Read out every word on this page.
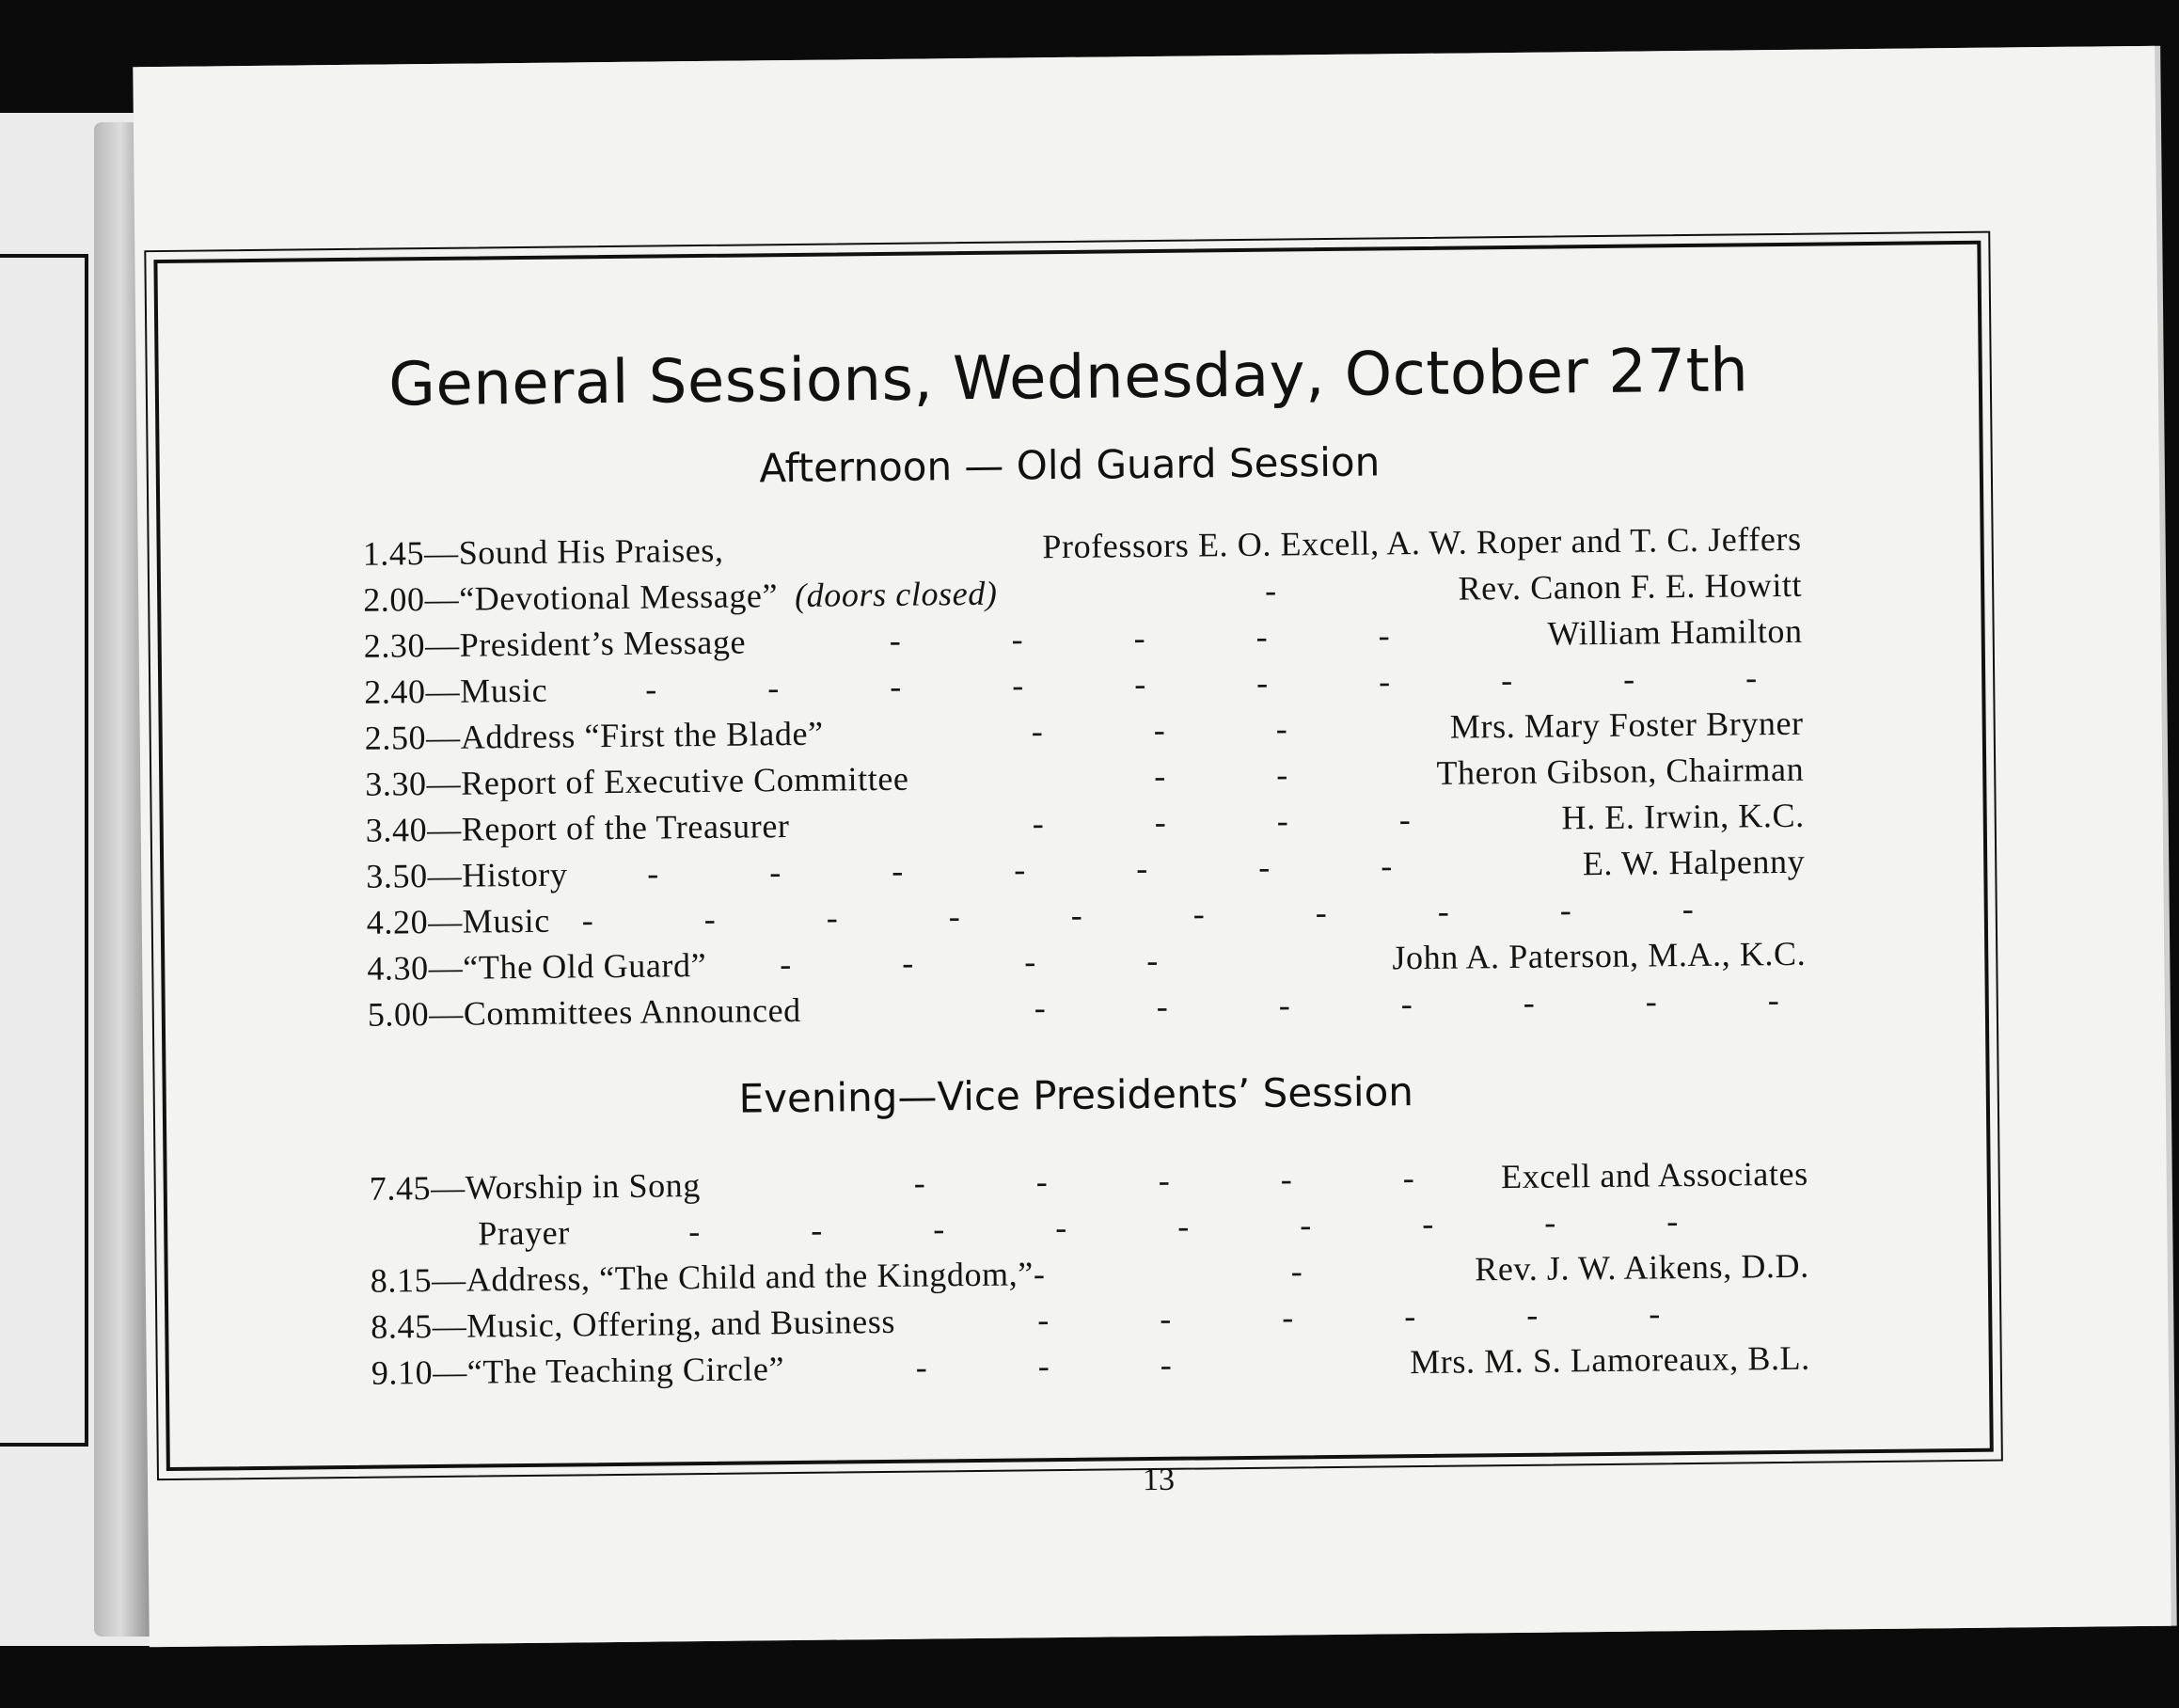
General Sessions, Wednesday, October 27th
Afternoon — Old Guard Session
1.45—Sound His Praises,	Professors E. O. Excell, A. W. Roper and T. C. Jeffers
2.00—“Devotional Message” (doors closed)	-	Rev. Canon F. E. Howitt
2.30—President’s Message	-	-	-	-	-	William Hamilton
2.40—Music	-	-	-	-	-	-	-	-	-	-
2.50—Address “First the Blade”	-	-	-	Mrs. Mary Foster Bryner
3.30—Report of Executive Committee	-	-	Theron Gibson, Chairman
3.40—Report of the Treasurer	-	-	-	-	H. E. Irwin, K.C.
3.50—History	-	-	-	-	-	-	-	E. W. Halpenny
4.20—Music -	-	-	-	-	-	-	-	-	-
4.30—“The Old Guard”	-	-	-	-	John A. Paterson, M.A., K.C.
5.00—Committees Announced	-	-	-	-	-	-	-
Evening—Vice Presidents’ Session
7.45—Worship in Song	-	-	-	-	-	Excell and Associates
Prayer	-	-	-	-	-	-	-	-	-
8.15—Address, “The Child and the Kingdom,”-	-	Rev. J. W. Aikens, D.D.
8.45—Music, Offering, and Business	-	-	-	-	-	-
9.10—“The Teaching Circle”	-	-	-	Mrs. M. S. Lamoreaux, B.L.
13
